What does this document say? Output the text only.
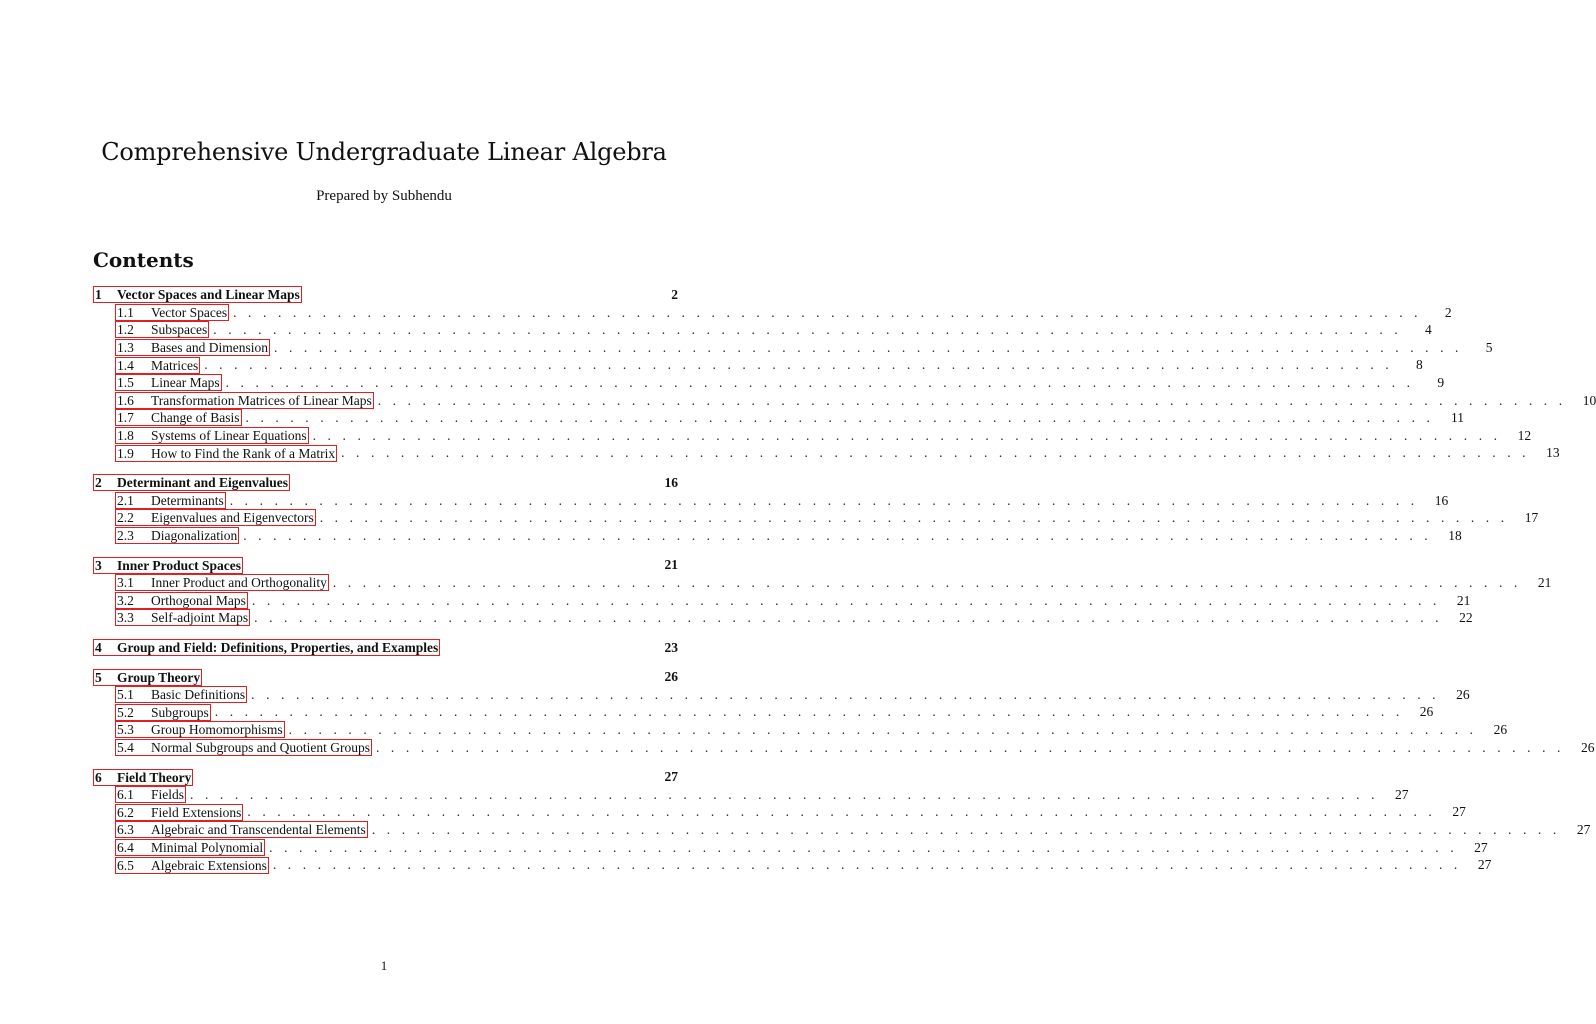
Comprehensive Undergraduate Linear Algebra
Prepared by Subhendu
Contents
1	Vector Spaces and Linear Maps	2
1.1	Vector Spaces . . . . . . . . . . . . . . . . . . . . . . . . . . . . . . . . . . . . . . . . . . . . . . . . . . . . . . . . . . . . . . . . . . . . . . . . . . . . . . . .	2
1.2	Subspaces . . . . . . . . . . . . . . . . . . . . . . . . . . . . . . . . . . . . . . . . . . . . . . . . . . . . . . . . . . . . . . . . . . . . . . . . . . . . . . . .	4
1.3	Bases and Dimension . . . . . . . . . . . . . . . . . . . . . . . . . . . . . . . . . . . . . . . . . . . . . . . . . . . . . . . . . . . . . . . . . . . . . . . . . . . . . . . .	5
1.4	Matrices . . . . . . . . . . . . . . . . . . . . . . . . . . . . . . . . . . . . . . . . . . . . . . . . . . . . . . . . . . . . . . . . . . . . . . . . . . . . . . . .	8
1.5	Linear Maps . . . . . . . . . . . . . . . . . . . . . . . . . . . . . . . . . . . . . . . . . . . . . . . . . . . . . . . . . . . . . . . . . . . . . . . . . . . . . . . .	9
1.6	Transformation Matrices of Linear Maps . . . . . . . . . . . . . . . . . . . . . . . . . . . . . . . . . . . . . . . . . . . . . . . . . . . . . . . . . . . . . . . . . . . . . . . . . . . . . . . .	10
1.7	Change of Basis . . . . . . . . . . . . . . . . . . . . . . . . . . . . . . . . . . . . . . . . . . . . . . . . . . . . . . . . . . . . . . . . . . . . . . . . . . . . . . . .	11
1.8	Systems of Linear Equations . . . . . . . . . . . . . . . . . . . . . . . . . . . . . . . . . . . . . . . . . . . . . . . . . . . . . . . . . . . . . . . . . . . . . . . . . . . . . . . .	12
1.9	How to Find the Rank of a Matrix . . . . . . . . . . . . . . . . . . . . . . . . . . . . . . . . . . . . . . . . . . . . . . . . . . . . . . . . . . . . . . . . . . . . . . . . . . . . . . . .	13
2	Determinant and Eigenvalues	16
2.1	Determinants . . . . . . . . . . . . . . . . . . . . . . . . . . . . . . . . . . . . . . . . . . . . . . . . . . . . . . . . . . . . . . . . . . . . . . . . . . . . . . . .	16
2.2	Eigenvalues and Eigenvectors . . . . . . . . . . . . . . . . . . . . . . . . . . . . . . . . . . . . . . . . . . . . . . . . . . . . . . . . . . . . . . . . . . . . . . . . . . . . . . . .	17
2.3	Diagonalization . . . . . . . . . . . . . . . . . . . . . . . . . . . . . . . . . . . . . . . . . . . . . . . . . . . . . . . . . . . . . . . . . . . . . . . . . . . . . . . .	18
3	Inner Product Spaces	21
3.1	Inner Product and Orthogonality . . . . . . . . . . . . . . . . . . . . . . . . . . . . . . . . . . . . . . . . . . . . . . . . . . . . . . . . . . . . . . . . . . . . . . . . . . . . . . . .	21
3.2	Orthogonal Maps . . . . . . . . . . . . . . . . . . . . . . . . . . . . . . . . . . . . . . . . . . . . . . . . . . . . . . . . . . . . . . . . . . . . . . . . . . . . . . . .	21
3.3	Self-adjoint Maps . . . . . . . . . . . . . . . . . . . . . . . . . . . . . . . . . . . . . . . . . . . . . . . . . . . . . . . . . . . . . . . . . . . . . . . . . . . . . . . .	22
4	Group and Field: Definitions, Properties, and Examples	23
5	Group Theory	26
5.1	Basic Definitions . . . . . . . . . . . . . . . . . . . . . . . . . . . . . . . . . . . . . . . . . . . . . . . . . . . . . . . . . . . . . . . . . . . . . . . . . . . . . . . .	26
5.2	Subgroups . . . . . . . . . . . . . . . . . . . . . . . . . . . . . . . . . . . . . . . . . . . . . . . . . . . . . . . . . . . . . . . . . . . . . . . . . . . . . . . .	26
5.3	Group Homomorphisms . . . . . . . . . . . . . . . . . . . . . . . . . . . . . . . . . . . . . . . . . . . . . . . . . . . . . . . . . . . . . . . . . . . . . . . . . . . . . . . .	26
5.4	Normal Subgroups and Quotient Groups . . . . . . . . . . . . . . . . . . . . . . . . . . . . . . . . . . . . . . . . . . . . . . . . . . . . . . . . . . . . . . . . . . . . . . . . . . . . . . . .	26
6	Field Theory	27
6.1	Fields . . . . . . . . . . . . . . . . . . . . . . . . . . . . . . . . . . . . . . . . . . . . . . . . . . . . . . . . . . . . . . . . . . . . . . . . . . . . . . . .	27
6.2	Field Extensions . . . . . . . . . . . . . . . . . . . . . . . . . . . . . . . . . . . . . . . . . . . . . . . . . . . . . . . . . . . . . . . . . . . . . . . . . . . . . . . .	27
6.3	Algebraic and Transcendental Elements . . . . . . . . . . . . . . . . . . . . . . . . . . . . . . . . . . . . . . . . . . . . . . . . . . . . . . . . . . . . . . . . . . . . . . . . . . . . . . . .	27
6.4	Minimal Polynomial . . . . . . . . . . . . . . . . . . . . . . . . . . . . . . . . . . . . . . . . . . . . . . . . . . . . . . . . . . . . . . . . . . . . . . . . . . . . . . . .	27
6.5	Algebraic Extensions . . . . . . . . . . . . . . . . . . . . . . . . . . . . . . . . . . . . . . . . . . . . . . . . . . . . . . . . . . . . . . . . . . . . . . . . . . . . . . . .	27
1
